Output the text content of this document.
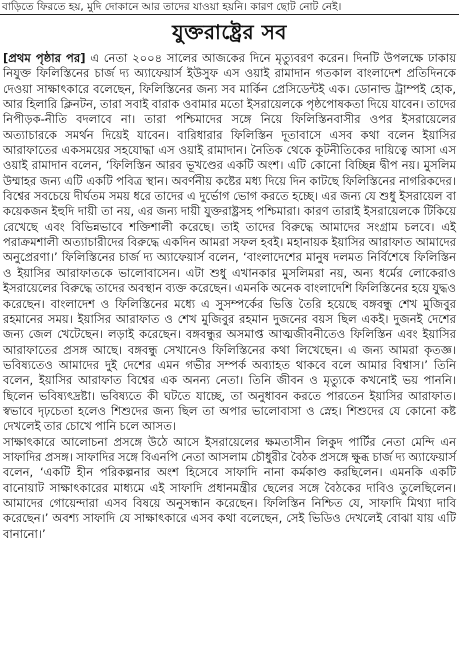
বাড়িতে ফিরতে হয়, মুদি দোকানে আর তাদের যাওয়া হয়নি। কারণ ছোট নোট নেই।
যুক্তরাষ্ট্রের সব

[প্রথম পৃষ্ঠার পর] এ নেতা ২০০৪ সালের আজকের দিনে মৃত্যুবরণ করেন। দিনটি উপলক্ষে ঢাকায় নিযুক্ত ফিলিস্তিনের চার্জ দ্য অ্যাফেয়ার্স ইউসুফ এস ওয়াই রামাদান গতকাল বাংলাদেশ প্রতিদিনকে দেওয়া সাক্ষাৎকারে বলেছেন, ফিলিস্তিনের জন্য সব মার্কিন প্রেসিডেন্টই এক। ডোনাল্ড ট্রাম্পই হোক, আর হিলারি ক্লিনটন, তারা সবাই বারাক ওবামার মতো ইসরায়েলকে পৃষ্ঠপোষকতা দিয়ে যাবেন। তাদের নিপীড়ক-নীতি বদলাবে না। তারা পশ্চিমাদের সঙ্গে নিয়ে ফিলিস্তিনবাসীর ওপর ইসরায়েলের অত্যাচারকে সমর্থন দিয়েই যাবেন। বারিধারার ফিলিস্তিন দূতাবাসে এসব কথা বলেন ইয়াসির আরাফাতের একসময়ের সহযোদ্ধা এস ওয়াই রামাদান। নৈতিক থেকে কূটনীতিকের দায়িত্বে আসা এস ওয়াই রামাদান বলেন, ‘ফিলিস্তিন আরব ভূখণ্ডের একটি অংশ। এটি কোনো বিচ্ছিন্ন দ্বীপ নয়। মুসলিম উম্মাহর জন্য এটি একটি পবিত্র স্থান। অবর্ণনীয় কষ্টের মধ্য দিয়ে দিন কাটছে ফিলিস্তিনের নাগরিকদের। বিশ্বের সবচেয়ে দীর্ঘতম সময় ধরে তাদের এ দুর্ভোগ ভোগ করতে হচ্ছে। এর জন্য যে শুধু ইসরায়েল বা কয়েকজন ইহুদি দায়ী তা নয়, এর জন্য দায়ী যুক্তরাষ্ট্রসহ পশ্চিমারা। কারণ তারাই ইসরায়েলকে টিকিয়ে রেখেছে এবং বিভিন্নভাবে শক্তিশালী করেছে। তাই তাদের বিরুদ্ধে আমাদের সংগ্রাম চলবে। এই পরাক্রমশালী অত্যাচারীদের বিরুদ্ধে একদিন আমরা সফল হবই। মহানায়ক ইয়াসির আরাফাত আমাদের অনুপ্রেরণা।’ ফিলিস্তিনের চার্জ দ্য অ্যাফেয়ার্স বলেন, ‘বাংলাদেশের মানুষ দলমত নির্বিশেষে ফিলিস্তিন ও ইয়াসির আরাফাতকে ভালোবাসেন। এটা শুধু এখানকার মুসলিমরা নয়, অন্য ধর্মের লোকেরাও ইসরায়েলের বিরুদ্ধে তাদের অবস্থান ব্যক্ত করেছেন। এমনকি অনেক বাংলাদেশি ফিলিস্তিনের হয়ে যুদ্ধও করেছেন। বাংলাদেশ ও ফিলিস্তিনের মধ্যে এ সুসম্পর্কের ভিত্তি তৈরি হয়েছে বঙ্গবন্ধু শেখ মুজিবুর রহমানের সময়। ইয়াসির আরাফাত ও শেখ মুজিবুর রহমান দুজনের বয়স ছিল একই। দুজনই দেশের জন্য জেল খেটেছেন। লড়াই করেছেন। বঙ্গবন্ধুর অসমাপ্ত আত্মজীবনীতেও ফিলিস্তিন এবং ইয়াসির আরাফাতের প্রসঙ্গ আছে। বঙ্গবন্ধু সেখানেও ফিলিস্তিনের কথা লিখেছেন। এ জন্য আমরা কৃতজ্ঞ। ভবিষ্যতেও আমাদের দুই দেশের এমন গভীর সম্পর্ক অব্যাহত থাকবে বলে আমার বিশ্বাস।’ তিনি বলেন, ইয়াসির আরাফাত বিশ্বের এক অনন্য নেতা। তিনি জীবন ও মৃত্যুকে কখনোই ভয় পাননি। ছিলেন ভবিষ্যৎদ্রষ্টা। ভবিষ্যতে কী ঘটতে যাচ্ছে, তা অনুধাবন করতে পারতেন ইয়াসির আরাফাত। স্বভাবে দৃঢ়চেতা হলেও শিশুদের জন্য ছিল তা অপার ভালোবাসা ও স্নেহ। শিশুদের যে কোনো কষ্ট দেখলেই তার চোখে পানি চলে আসত।

সাক্ষাৎকারে আলোচনা প্রসঙ্গে উঠে আসে ইসরায়েলের ক্ষমতাসীন লিকুদ পার্টির নেতা মেন্দি এন সাফাদির প্রসঙ্গ। সাফাদির সঙ্গে বিএনপি নেতা আসলাম চৌধুরীর বৈঠক প্রসঙ্গে ক্ষুব্ধ চার্জ দ্য অ্যাফেয়ার্স বলেন, ‘একটি হীন পরিকল্পনার অংশ হিসেবে সাফাদি নানা কর্মকাণ্ড করছিলেন। এমনকি একটি বানোয়াট সাক্ষাৎকারের মাধ্যমে এই সাফাদি প্রধানমন্ত্রীর ছেলের সঙ্গে বৈঠকের দাবিও তুলেছিলেন। আমাদের গোয়েন্দারা এসব বিষয়ে অনুসন্ধান করেছেন। ফিলিস্তিন নিশ্চিত যে, সাফাদি মিথ্যা দাবি করেছেন।’ অবশ্য সাফাদি যে সাক্ষাৎকারে এসব কথা বলেছেন, সেই ভিডিও দেখলেই বোঝা যায় এটি বানানো।’
